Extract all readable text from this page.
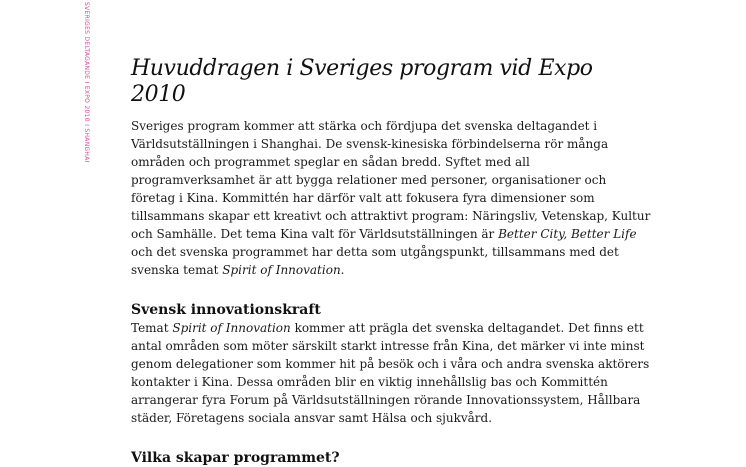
SVERIGES DELTAGANDE I EXPO 2010 I SHANGHAI Huvuddragen i Sveriges program vid Expo 2010

Sveriges program kommer att stärka och fördjupa det svenska deltagandet i Världsutställningen i Shanghai. De svensk-kinesiska förbindelserna rör många områden och programmet speglar en sådan bredd. Syftet med all programverksamhet är att bygga relationer med personer, organisationer och företag i Kina. Kommittén har därför valt att fokusera fyra dimensioner som tillsammans skapar ett kreativt och attraktivt program: Näringsliv, Vetenskap, Kultur och Samhälle. Det tema Kina valt för Världsutställningen är Better City, Better Life och det svenska programmet har detta som utgångspunkt, tillsammans med det svenska temat Spirit of Innovation.

Svensk innovationskraft

Temat Spirit of Innovation kommer att prägla det svenska deltagandet. Det finns ett antal områden som möter särskilt starkt intresse från Kina, det märker vi inte minst genom delegationer som kommer hit på besök och i våra och andra svenska aktörers kontakter i Kina. Dessa områden blir en viktig innehållslig bas och Kommittén arrangerar fyra Forum på Världsutställningen rörande Innovationssystem, Hållbara städer, Företagens sociala ansvar samt Hälsa och sjukvård.

Vilka skapar programmet?
